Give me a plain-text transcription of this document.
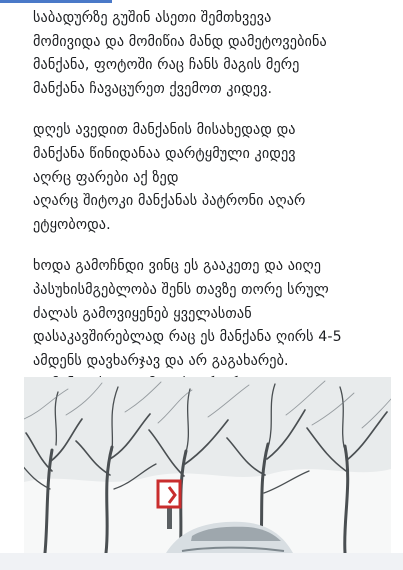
საბადურზე გუშინ ასეთი შემთხვევა
მომივიდა და მომიწია მანდ დამეტოვებინა
მანქანა, ფოტოში რაც ჩანს მაგის მერე
მანქანა ჩავაცურეთ ქვემოთ კიდევ.

დღეს ავედით მანქანის მისახედად და
მანქანა წინიდანაა დარტყმული კიდევ
აღრც ფარები აქ ზედ
აღარც შიტოკი მანქანას პატრონი აღარ
ეტყობოდა.

ხოდა გამოჩნდი ვინც ეს გააკეთე და აიღე
პასუხისმგებლობა შენს თავზე თორე სრულ
ძალას გამოვიყენებ ყველასთან
დასაკავშირებლად რაც ეს მანქანა ღირს 4-5
ამდენს დავხარჯავ და არ გაგახარებ.
